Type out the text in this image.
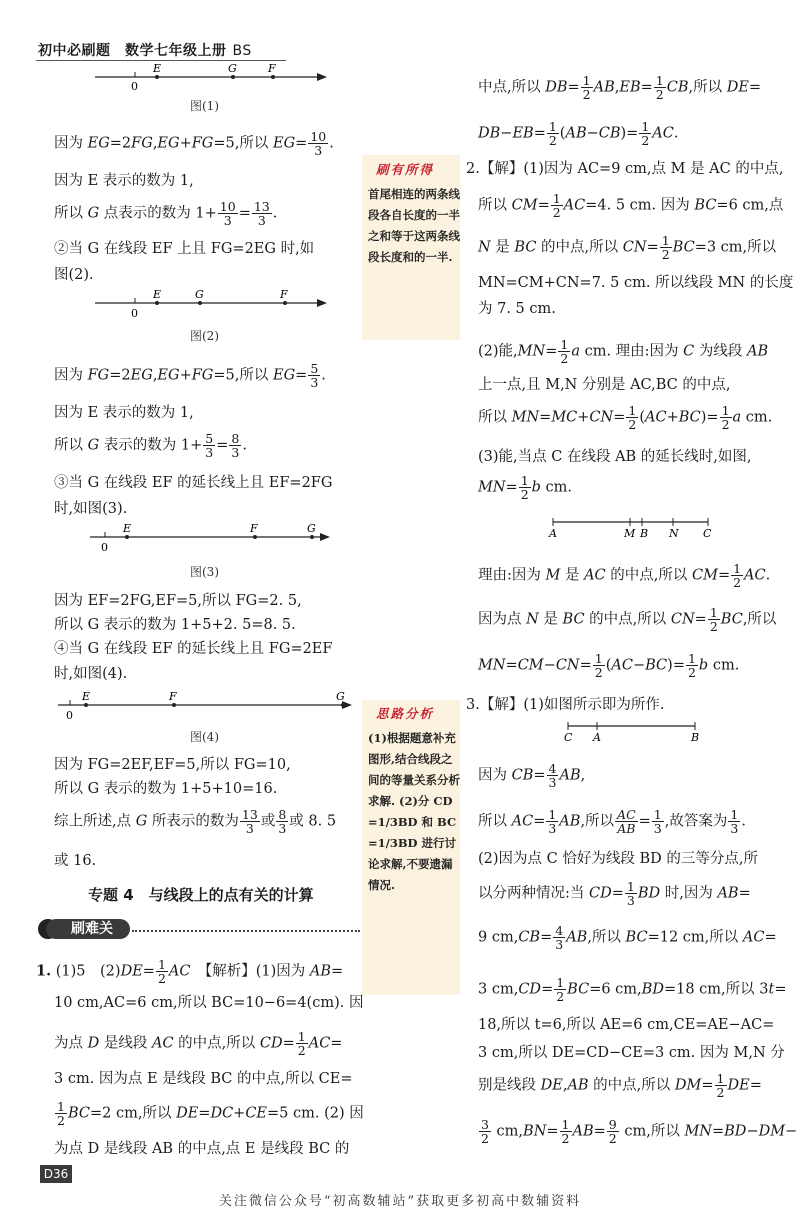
初中必刷题　数学七年级上册 BS
0
E	G	F
图(1)
因为 EG=2FG,EG+FG=5,所以 $EG= \frac{10}{3}$ .
因为 E 表示的数为 1,
所以 G 点表示的数为 $1+ \frac{10}{3} = \frac{13}{3}$ .
②当 G 在线段 EF 上且 FG=2EG 时,如
图(2).
0
E	G	F
图(2)
因为 FG=2EG,EG+FG=5,所以 $EG= \frac{5}{3}$ .
因为 E 表示的数为 1,
所以 G 表示的数为 $1+ \frac{5}{3} = \frac{8}{3}$ .
③当 G 在线段 EF 的延长线上且 EF=2FG
时,如图(3).
0
E	F	G
图(3)
因为 EF=2FG,EF=5,所以 FG=2. 5,
所以 G 表示的数为 1+5+2. 5=8. 5.
④当 G 在线段 EF 的延长线上且 FG=2EF
时,如图(4).
0
E	F	G
图(4)
因为 FG=2EF,EF=5,所以 FG=10,
所以 G 表示的数为 1+5+10=16.
综上所述,点 G 所表示的数为 $\frac{13}{3}$ 或 $\frac{8}{3}$ 或 8. 5
或 16.
专题 4　与线段上的点有关的计算
刷难关
1. (1)5　$(2)DE= \frac{1}{2}$ AC　【解析】(1)因为 AB=
10 cm,AC=6 cm,所以 BC=10−6=4(cm). 因
为点 D 是线段 AC 的中点,所以 $CD= \frac{1}{2} AC=$
3 cm. 因为点 E 是线段 BC 的中点,所以 CE=
$\frac{1}{2} BC=2$ cm,所以 DE=DC+CE=5 cm. (2) 因
为点 D 是线段 AB 的中点,点 E 是线段 BC 的
刷有所得
首尾相连的两条线段各自长度的一半之和等于这两条线段长度和的一半.
思路分析
(1)根据题意补充图形,结合线段之间的等量关系分析求解. (2)分 CD=1/3BD 和 BC=1/3BD 进行讨论求解,不要遗漏情况.
中点,所以 $DB= \frac{1}{2} AB,EB= \frac{1}{2}$ CB,所以 DE=
$DB-EB= \frac{1}{2} (AB-CB)= \frac{1}{2}$ AC.
2.【解】(1)因为 AC=9 cm,点 M 是 AC 的中点,
所以 $CM= \frac{1}{2} AC=4$. 5 cm. 因为 BC=6 cm,点
N 是 BC 的中点,所以 $CN= \frac{1}{2} BC=3$ cm,所以
MN=CM+CN=7. 5 cm. 所以线段 MN 的长度
为 7. 5 cm.
(2)能$,MN= \frac{1}{2}$ a cm. 理由:因为 C 为线段 AB
上一点,且 M,N 分别是 AC,BC 的中点,
所以 $MN=MC+CN= \frac{1}{2} (AC+BC)= \frac{1}{2}$ a cm.
(3)能,当点 C 在线段 AB 的延长线时,如图,
$MN= \frac{1}{2}$ b cm.
A	M B N C
理由:因为 M 是 AC 的中点,所以 $CM= \frac{1}{2}$ AC.
因为点 N 是 BC 的中点,所以 $CN= \frac{1}{2}$ BC,所以
$MN=CM-CN= \frac{1}{2} (AC-BC)= \frac{1}{2}$ b cm.
3.【解】(1)如图所示即为所作.
C A	B
因为 $CB= \frac{4}{3}$ AB,
所以 $AC= \frac{1}{3}$ AB,所以 $\frac{AC}{AB} = \frac{1}{3}$ ,故答案为 $\frac{1}{3}$ .
(2)因为点 C 恰好为线段 BD 的三等分点,所
以分两种情况:当 $CD= \frac{1}{3}$ BD 时,因为 AB=
9 $cm,CB= \frac{4}{3}$ AB,所以 BC=12 cm,所以 AC=
3 $cm,CD= \frac{1}{2} BC=6$ cm,BD=18 cm,所以 3t=
18,所以 t=6,所以 AE=6 cm,CE=AE−AC=
3 cm,所以 DE=CD−CE=3 cm. 因为 M,N 分
别是线段 DE,AB 的中点,所以 $DM= \frac{1}{2} DE=$
$\frac{3}{2} cm,BN= \frac{1}{2} AB= \frac{9}{2}$ cm,所以 MN=BD−DM−
D36
关注微信公众号“初高数辅站”获取更多初高中数辅资料
